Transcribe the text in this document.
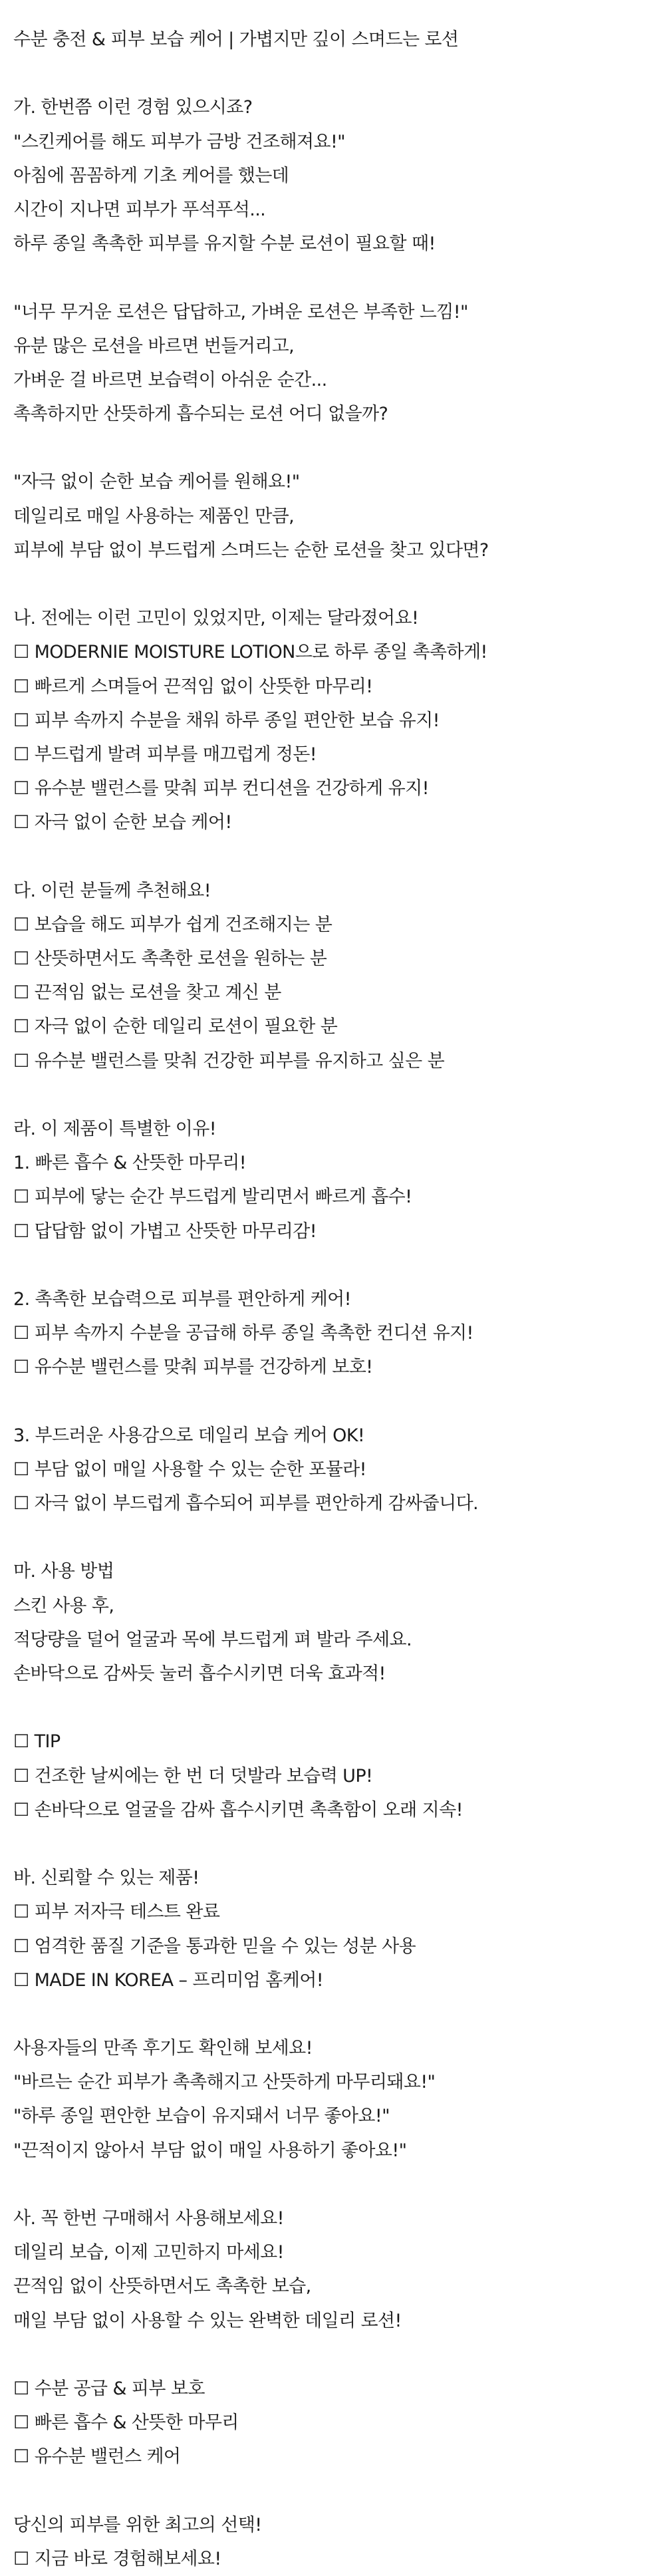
수분 충전 & 피부 보습 케어 | 가볍지만 깊이 스며드는 로션
가. 한번쯤 이런 경험 있으시죠?
"스킨케어를 해도 피부가 금방 건조해져요!"
아침에 꼼꼼하게 기초 케어를 했는데
시간이 지나면 피부가 푸석푸석...
하루 종일 촉촉한 피부를 유지할 수분 로션이 필요할 때!
"너무 무거운 로션은 답답하고, 가벼운 로션은 부족한 느낌!"
유분 많은 로션을 바르면 번들거리고,
가벼운 걸 바르면 보습력이 아쉬운 순간...
촉촉하지만 산뜻하게 흡수되는 로션 어디 없을까?
"자극 없이 순한 보습 케어를 원해요!"
데일리로 매일 사용하는 제품인 만큼,
피부에 부담 없이 부드럽게 스며드는 순한 로션을 찾고 있다면?
나. 전에는 이런 고민이 있었지만, 이제는 달라졌어요!
☐ MODERNIE MOISTURE LOTION으로 하루 종일 촉촉하게!
☐ 빠르게 스며들어 끈적임 없이 산뜻한 마무리!
☐ 피부 속까지 수분을 채워 하루 종일 편안한 보습 유지!
☐ 부드럽게 발려 피부를 매끄럽게 정돈!
☐ 유수분 밸런스를 맞춰 피부 컨디션을 건강하게 유지!
☐ 자극 없이 순한 보습 케어!
다. 이런 분들께 추천해요!
☐ 보습을 해도 피부가 쉽게 건조해지는 분
☐ 산뜻하면서도 촉촉한 로션을 원하는 분
☐ 끈적임 없는 로션을 찾고 계신 분
☐ 자극 없이 순한 데일리 로션이 필요한 분
☐ 유수분 밸런스를 맞춰 건강한 피부를 유지하고 싶은 분
라. 이 제품이 특별한 이유!
1. 빠른 흡수 & 산뜻한 마무리!
☐ 피부에 닿는 순간 부드럽게 발리면서 빠르게 흡수!
☐ 답답함 없이 가볍고 산뜻한 마무리감!
2. 촉촉한 보습력으로 피부를 편안하게 케어!
☐ 피부 속까지 수분을 공급해 하루 종일 촉촉한 컨디션 유지!
☐ 유수분 밸런스를 맞춰 피부를 건강하게 보호!
3. 부드러운 사용감으로 데일리 보습 케어 OK!
☐ 부담 없이 매일 사용할 수 있는 순한 포뮬라!
☐ 자극 없이 부드럽게 흡수되어 피부를 편안하게 감싸줍니다.
마. 사용 방법
스킨 사용 후,
적당량을 덜어 얼굴과 목에 부드럽게 펴 발라 주세요.
손바닥으로 감싸듯 눌러 흡수시키면 더욱 효과적!
☐ TIP
☐ 건조한 날씨에는 한 번 더 덧발라 보습력 UP!
☐ 손바닥으로 얼굴을 감싸 흡수시키면 촉촉함이 오래 지속!
바. 신뢰할 수 있는 제품!
☐ 피부 저자극 테스트 완료
☐ 엄격한 품질 기준을 통과한 믿을 수 있는 성분 사용
☐ MADE IN KOREA – 프리미엄 홈케어!
사용자들의 만족 후기도 확인해 보세요!
"바르는 순간 피부가 촉촉해지고 산뜻하게 마무리돼요!"
"하루 종일 편안한 보습이 유지돼서 너무 좋아요!"
"끈적이지 않아서 부담 없이 매일 사용하기 좋아요!"
사. 꼭 한번 구매해서 사용해보세요!
데일리 보습, 이제 고민하지 마세요!
끈적임 없이 산뜻하면서도 촉촉한 보습,
매일 부담 없이 사용할 수 있는 완벽한 데일리 로션!
☐ 수분 공급 & 피부 보호
☐ 빠른 흡수 & 산뜻한 마무리
☐ 유수분 밸런스 케어
당신의 피부를 위한 최고의 선택!
☐ 지금 바로 경험해보세요!
